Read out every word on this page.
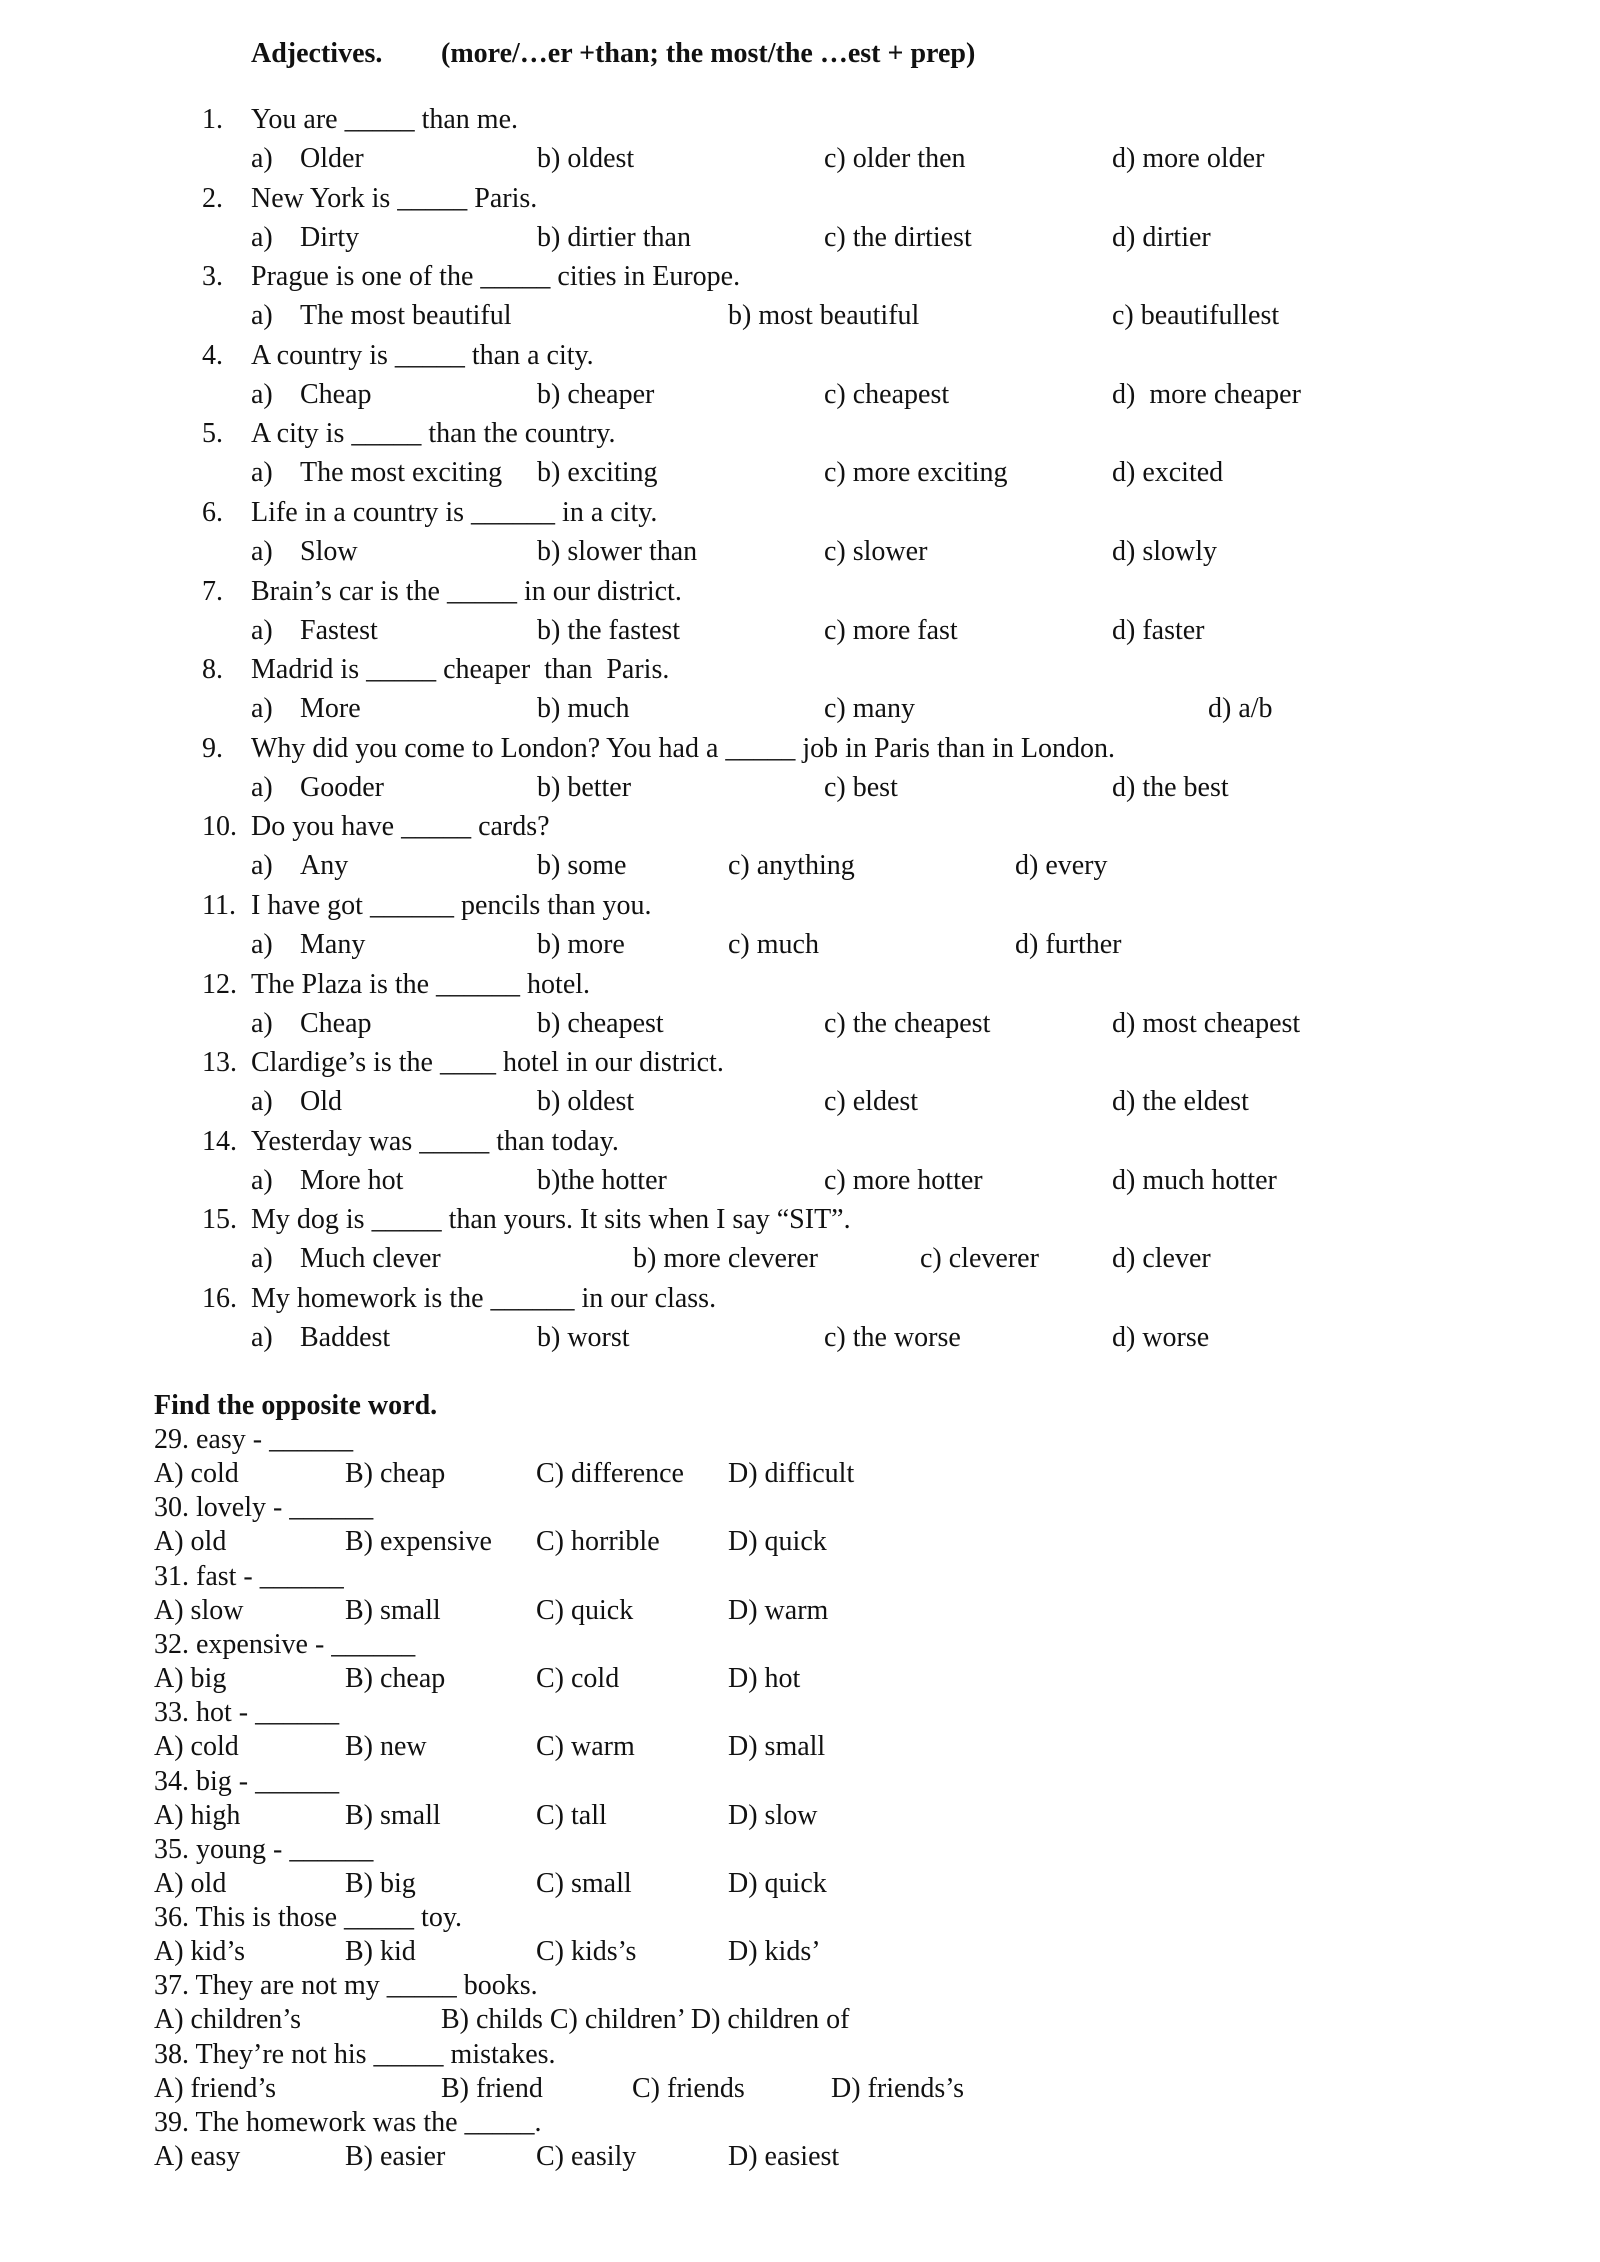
Adjectives. (more/…er +than; the most/the …est + prep)
1. You are _____ than me.
a) Older	b) oldest	c) older then	d) more older
2. New York is _____ Paris.
a) Dirty	b) dirtier than	c) the dirtiest	d) dirtier
3. Prague is one of the _____ cities in Europe.
a) The most beautiful	b) most beautiful	c) beautifullest
4. A country is _____ than a city.
a) Cheap	b) cheaper	c) cheapest	d)  more cheaper
5. A city is _____ than the country.
a) The most exciting b) exciting	c) more exciting	d) excited
6. Life in a country is ______ in a city.
a) Slow	b) slower than	c) slower	d) slowly
7. Brain’s car is the _____ in our district.
a) Fastest	b) the fastest	c) more fast	d) faster
8. Madrid is _____ cheaper  than  Paris.
a) More	b) much	c) many	d) a/b
9. Why did you come to London? You had a _____ job in Paris than in London.
a) Gooder	b) better	c) best	d) the best
10. Do you have _____ cards?
a) Any	b) some	c) anything	d) every
11. I have got ______ pencils than you.
a) Many	b) more	c) much	d) further
12. The Plaza is the ______ hotel.
a) Cheap	b) cheapest	c) the cheapest	d) most cheapest
13. Clardige’s is the ____ hotel in our district.
a) Old	b) oldest	c) eldest	d) the eldest
14. Yesterday was _____ than today.
a) More hot	b)the hotter	c) more hotter	d) much hotter
15. My dog is _____ than yours. It sits when I say “SIT”.
a) Much clever	b) more cleverer	c) cleverer	d) clever
16. My homework is the ______ in our class.
a) Baddest	b) worst	c) the worse	d) worse
Find the opposite word.
29. easy - ______
A) cold	B) cheap	C) difference D) difficult
30. lovely - ______
A) old	B) expensive C) horrible D) quick
31. fast - ______
A) slow	B) small	C) quick	D) warm
32. expensive - ______
A) big	B) cheap	C) cold	D) hot
33. hot - ______
A) cold	B) new	C) warm	D) small
34. big - ______
A) high	B) small	C) tall	D) slow
35. young - ______
A) old	B) big	C) small	D) quick
36. This is those _____ toy.
A) kid’s	B) kid	C) kids’s	D) kids’
37. They are not my _____ books.
A) children’s	B) childs C) children’ D) children of
38. They’re not his _____ mistakes.
A) friend’s	B) friend	C) friends	D) friends’s
39. The homework was the _____.
A) easy	B) easier	C) easily	D) easiest
